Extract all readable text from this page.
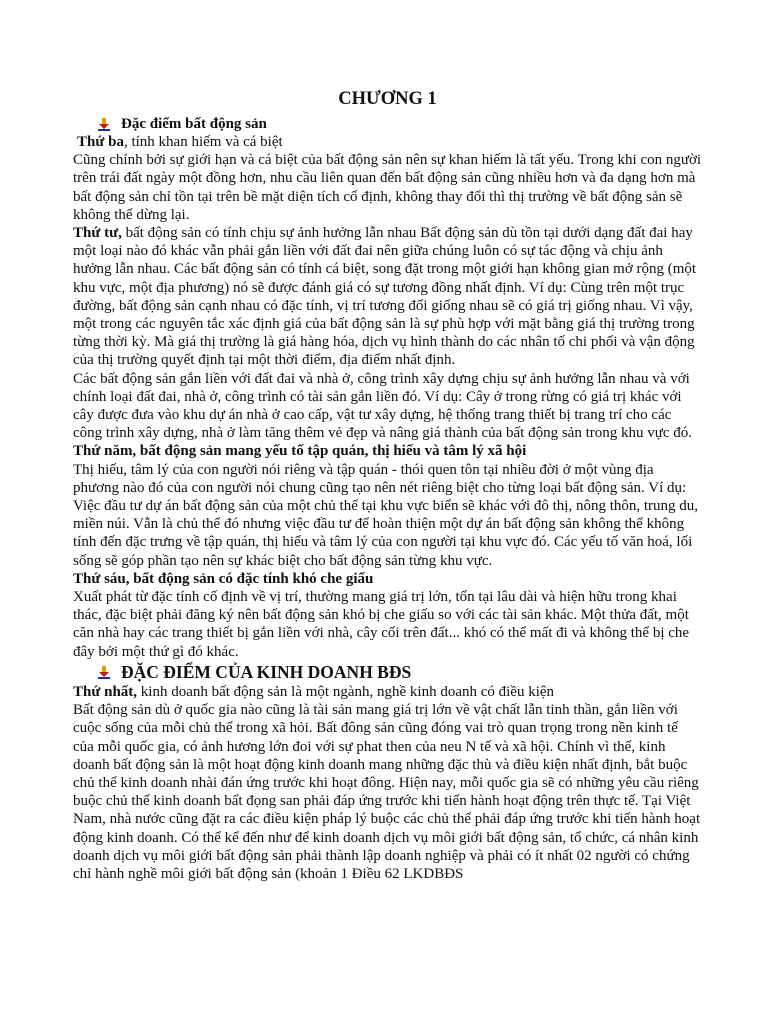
CHƯƠNG 1
Đặc điểm bất động sản

Thứ ba, tính khan hiếm và cá biệt

Cũng chính bởi sự giới hạn và cá biệt của bất động sản nên sự khan hiếm là tất yếu. Trong khi con người trên trái đất ngày một đồng hơn, nhu cầu liên quan đến bất động sản cũng nhiều hơn và đa dạng hơn mà bất động sản chỉ tồn tại trên bề mặt diện tích cố định, không thay đổi thì thị trường về bất động sản sẽ không thể dừng lại.

Thứ tư, bất động sản có tính chịu sự ảnh hưởng lẫn nhau Bất động sản dù tồn tại dưới dạng đất đai hay một loại nào đó khác vẫn phải gắn liền với đất đai nên giữa chúng luôn có sự tác động và chịu ảnh hưởng lẫn nhau. Các bất động sản có tính cá biệt, song đặt trong một giới hạn không gian mở rộng (một khu vực, một địa phương) nó sẽ được đánh giá có sự tương đồng nhất định. Ví dụ: Cùng trên một trục đường, bất động sản cạnh nhau có đặc tính, vị trí tương đối giống nhau sẽ có giá trị giống nhau. Vì vậy, một trong các nguyên tắc xác định giá của bất động sản là sự phù hợp với mặt bằng giá thị trường trong từng thời kỳ. Mà giá thị trường là giá hàng hóa, dịch vụ hình thành do các nhân tố chi phối và vận động của thị trường quyết định tại một thời điểm, địa điểm nhất định.

Các bất động sản gắn liền với đất đai và nhà ở, công trình xây dựng chịu sự ảnh hưởng lẫn nhau và với chính loại đất đai, nhà ở, công trình có tài sản gắn liền đó. Ví dụ: Cây ở trong rừng có giá trị khác với cây được đưa vào khu dự án nhà ở cao cấp, vật tư xây dựng, hệ thống trang thiết bị trang trí cho các công trình xây dựng, nhà ở làm tăng thêm vẻ đẹp và nâng giá thành của bất động sản trong khu vực đó.

Thứ năm, bất động sản mang yếu tố tập quán, thị hiếu và tâm lý xã hội

Thị hiếu, tâm lý của con người nói riêng và tập quán - thói quen tôn tại nhiều đời ở một vùng địa phương nào đó của con người nói chung cũng tạo nên nét riêng biệt cho từng loại bất động sản. Ví dụ: Việc đầu tư dự án bất động sản của một chủ thể tại khu vực biển sẽ khác với đô thị, nông thôn, trung du, miền núi. Vẫn là chủ thể đó nhưng việc đầu tư để hoàn thiện một dự án bất động sản không thể không tính đến đặc trưng về tập quán, thị hiếu và tâm lý của con người tại khu vực đó. Các yếu tố văn hoá, lối sống sẽ góp phần tạo nên sự khác biệt cho bất động sản từng khu vực.

Thứ sáu, bất động sản có đặc tính khó che giấu

Xuất phát từ đặc tính cố định về vị trí, thường mang giá trị lớn, tốn tại lâu dài và hiện hữu trong khai thác, đặc biệt phải đăng ký nên bất động sản khó bị che giấu so với các tài sản khác. Một thửa đất, một căn nhà hay các trang thiết bị gắn liền với nhà, cây cối trên đất... khó có thể mất đi và không thể bị che đây bởi một thứ gì đó khác.

ĐẶC ĐIỂM CỦA KINH DOANH BĐS

Thứ nhất, kinh doanh bất động sản là một ngành, nghề kinh doanh có điều kiện

Bất động sản dù ở quốc gia nào cũng là tài sản mang giá trị lớn về vật chất lẫn tinh thần, gắn liền với cuộc sống của mỗi chủ thể trong xã hỏi. Bất đông sản cũng đóng vai trò quan trọng trong nền kinh tế của mỗi quốc gia, có ảnh hương lớn đoi với sự phat then của neu N tế và xã hội. Chính vì thế, kinh doanh bất động sản là một hoạt động kinh doanh mang những đặc thù và điều kiện nhất định, bắt buộc chủ thể kinh doanh nhài đán ứng trước khi hoạt đông. Hiện nay, mỗi quốc gia sẽ có những yêu cầu riêng buộc chủ thể kinh doanh bất đọng san phải đáp ứng trước khi tiến hành hoạt động trên thực tế. Tại Việt Nam, nhà nước cũng đặt ra các điều kiện pháp lý buộc các chủ thể phải đáp ứng trước khi tiến hành hoạt động kinh doanh. Có thể kể đến như để kinh doanh dịch vụ môi giới bất động sản, tổ chức, cá nhân kinh doanh dịch vụ môi giới bất động sản phải thành lập doanh nghiệp và phải có ít nhất 02 người có chứng chỉ hành nghề môi giới bất động sản (khoản 1 Điều 62 LKDBĐS
